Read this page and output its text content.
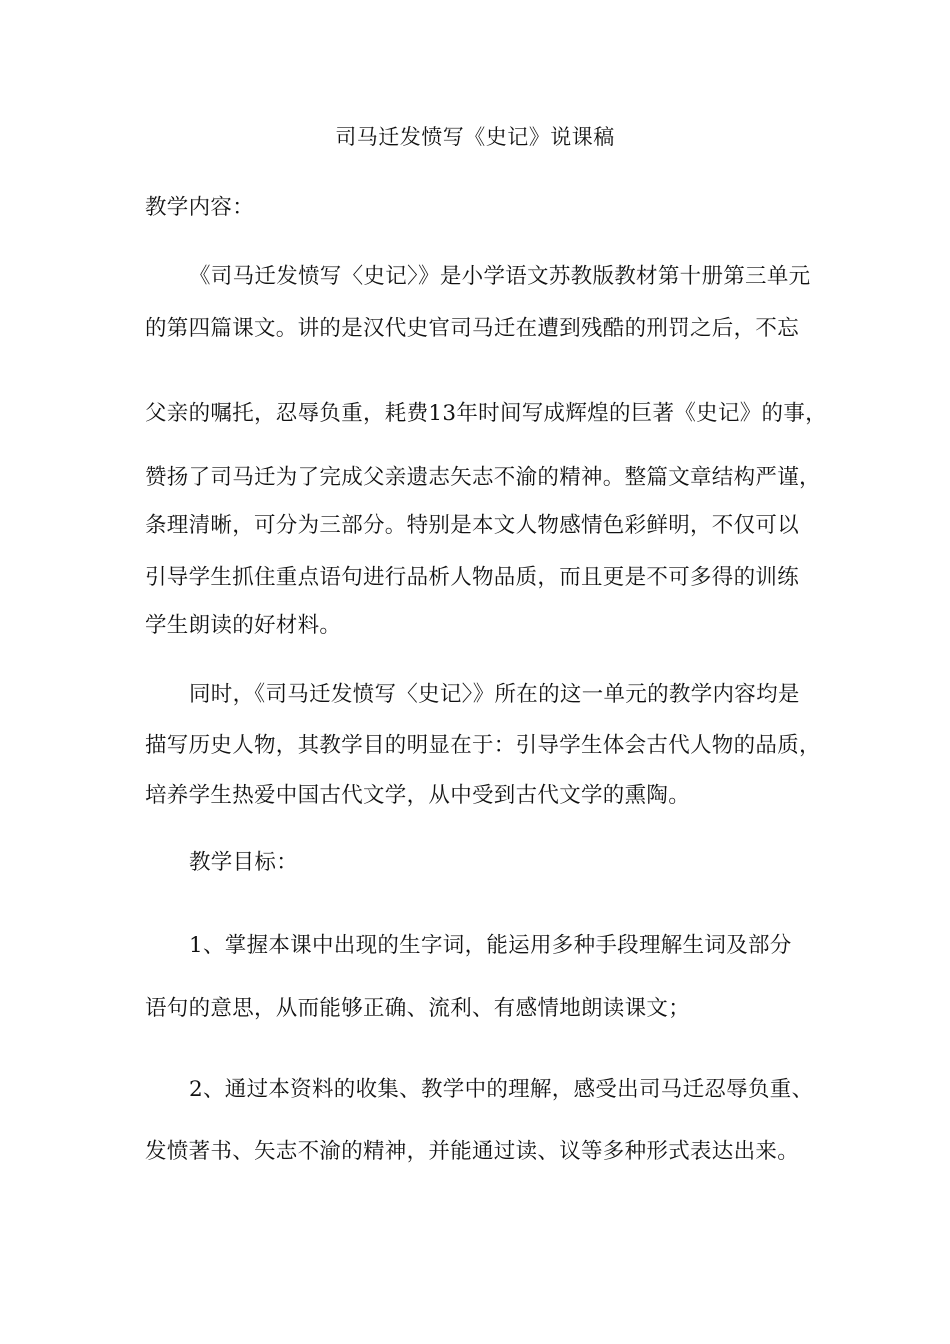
司马迁发愤写《史记》说课稿
教学内容：
《司马迁发愤写〈史记〉》是小学语文苏教版教材第十册第三单元
的第四篇课文。讲的是汉代史官司马迁在遭到残酷的刑罚之后，不忘
父亲的嘱托，忍辱负重，耗费13年时间写成辉煌的巨著《史记》的事，
赞扬了司马迁为了完成父亲遗志矢志不渝的精神。整篇文章结构严谨，
条理清晰，可分为三部分。特别是本文人物感情色彩鲜明，不仅可以
引导学生抓住重点语句进行品析人物品质，而且更是不可多得的训练
学生朗读的好材料。
同时，《司马迁发愤写〈史记〉》所在的这一单元的教学内容均是
描写历史人物，其教学目的明显在于：引导学生体会古代人物的品质，
培养学生热爱中国古代文学，从中受到古代文学的熏陶。
教学目标：
1、掌握本课中出现的生字词，能运用多种手段理解生词及部分
语句的意思，从而能够正确、流利、有感情地朗读课文；
2、通过本资料的收集、教学中的理解，感受出司马迁忍辱负重、
发愤著书、矢志不渝的精神，并能通过读、议等多种形式表达出来。
